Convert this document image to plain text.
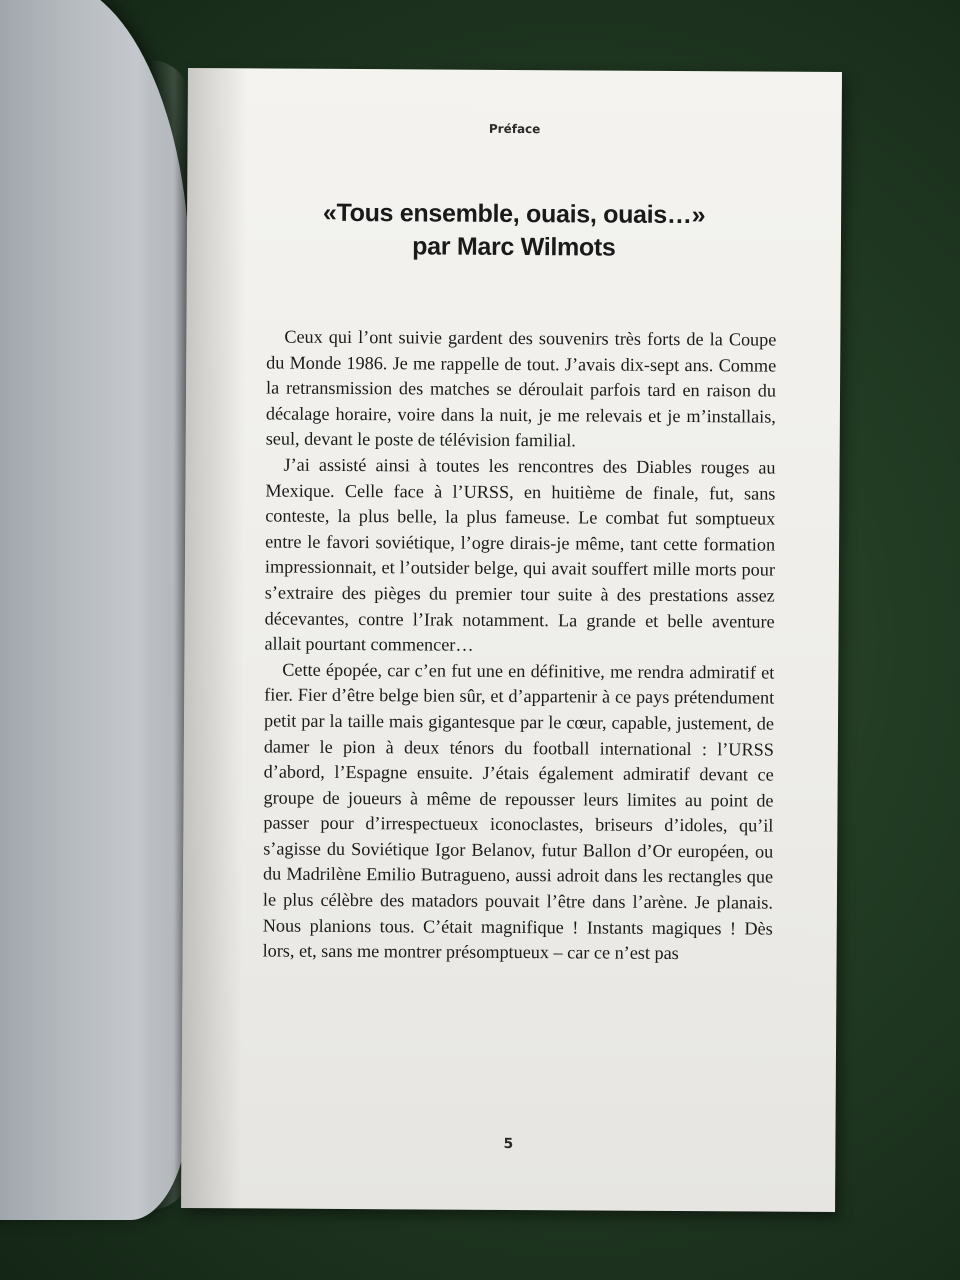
Préface
«Tous ensemble, ouais, ouais…»
par Marc Wilmots

Ceux qui l’ont suivie gardent des souvenirs très forts de la Coupe du Monde 1986. Je me rappelle de tout. J’avais dix-sept ans. Comme la retransmission des matches se déroulait parfois tard en raison du décalage horaire, voire dans la nuit, je me relevais et je m’installais, seul, devant le poste de télévision familial.

J’ai assisté ainsi à toutes les rencontres des Diables rouges au Mexique. Celle face à l’URSS, en huitième de finale, fut, sans conteste, la plus belle, la plus fameuse. Le combat fut somptueux entre le favori soviétique, l’ogre dirais-je même, tant cette formation impressionnait, et l’outsider belge, qui avait souffert mille morts pour s’extraire des pièges du premier tour suite à des prestations assez décevantes, contre l’Irak notamment. La grande et belle aventure allait pourtant commencer…

Cette épopée, car c’en fut une en définitive, me rendra admiratif et fier. Fier d’être belge bien sûr, et d’appartenir à ce pays prétendument petit par la taille mais gigantesque par le cœur, capable, justement, de damer le pion à deux ténors du football international : l’URSS d’abord, l’Espagne ensuite. J’étais également admiratif devant ce groupe de joueurs à même de repousser leurs limites au point de passer pour d’irrespectueux iconoclastes, briseurs d’idoles, qu’il s’agisse du Soviétique Igor Belanov, futur Ballon d’Or européen, ou du Madrilène Emilio Butragueno, aussi adroit dans les rectangles que le plus célèbre des matadors pouvait l’être dans l’arène. Je planais. Nous planions tous. C’était magnifique ! Instants magiques ! Dès lors, et, sans me montrer présomptueux – car ce n’est pas

5
